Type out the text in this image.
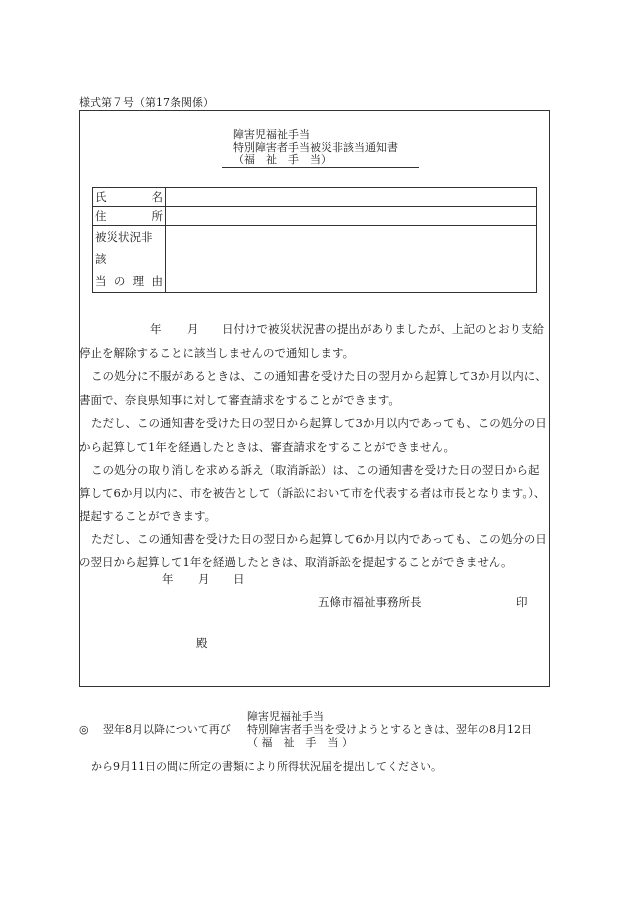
様式第７号（第17条関係）
障害児福祉手当
特別障害者手当被災非該当通知書
（福　祉　手　当）
氏 名	

住 所	

被災状況非該
当 の 理 由	

年 月 日付けで被災状況書の提出がありましたが、上記のとおり支給
停止を解除することに該当しませんので通知します。
この処分に不服があるときは、この通知書を受けた日の翌月から起算して3か月以内に、
書面で、奈良県知事に対して審査請求をすることができます。
ただし、この通知書を受けた日の翌日から起算して3か月以内であっても、この処分の日
から起算して1年を経過したときは、審査請求をすることができません。
この処分の取り消しを求める訴え（取消訴訟）は、この通知書を受けた日の翌日から起
算して6か月以内に、市を被告として（訴訟において市を代表する者は市長となります。）、
提起することができます。
ただし、この通知書を受けた日の翌日から起算して6か月以内であっても、この処分の日
の翌日から起算して1年を経過したときは、取消訴訟を提起することができません。
年 月 日
五條市福祉事務所長	印
殿
障害児福祉手当
◎ 翌年8月以降について再び 特別障害者手当を受けようとするときは、翌年の8月12日
（ 福　祉　手　当 ）
から9月11日の間に所定の書類により所得状況届を提出してください。
